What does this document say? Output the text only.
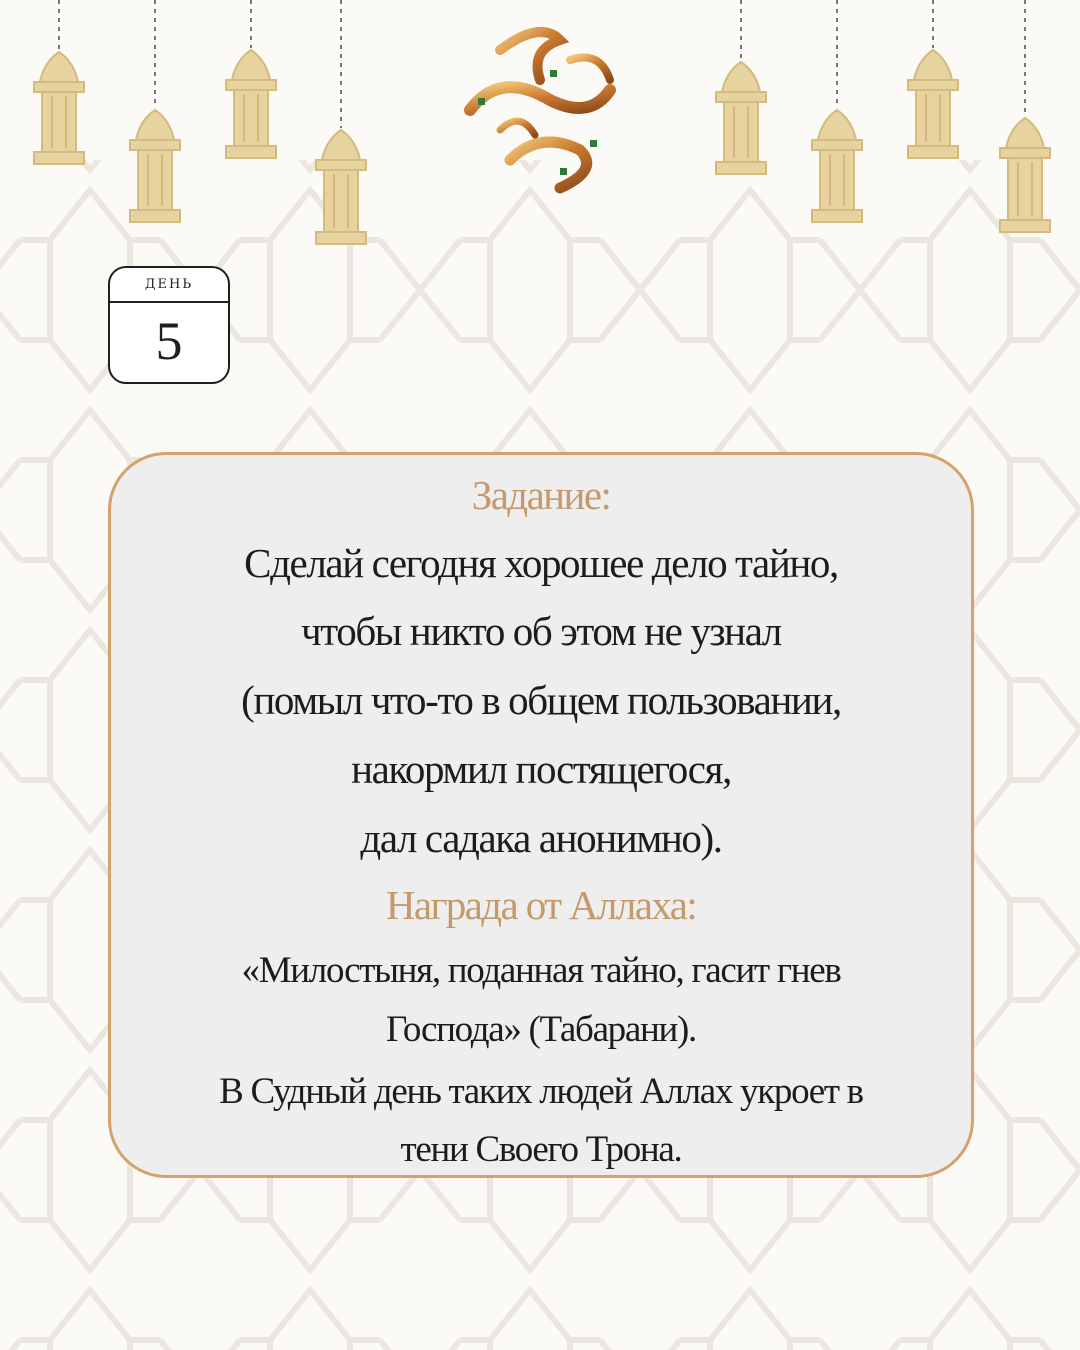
ДЕНЬ
5
Задание:
Сделай сегодня хорошее дело тайно,
чтобы никто об этом не узнал
(помыл что-то в общем пользовании,
накормил постящегося,
дал садака анонимно).
Награда от Аллаха:
«Милостыня, поданная тайно, гасит гнев
Господа» (Табарани).
В Судный день таких людей Аллах укроет в
тени Своего Трона.
